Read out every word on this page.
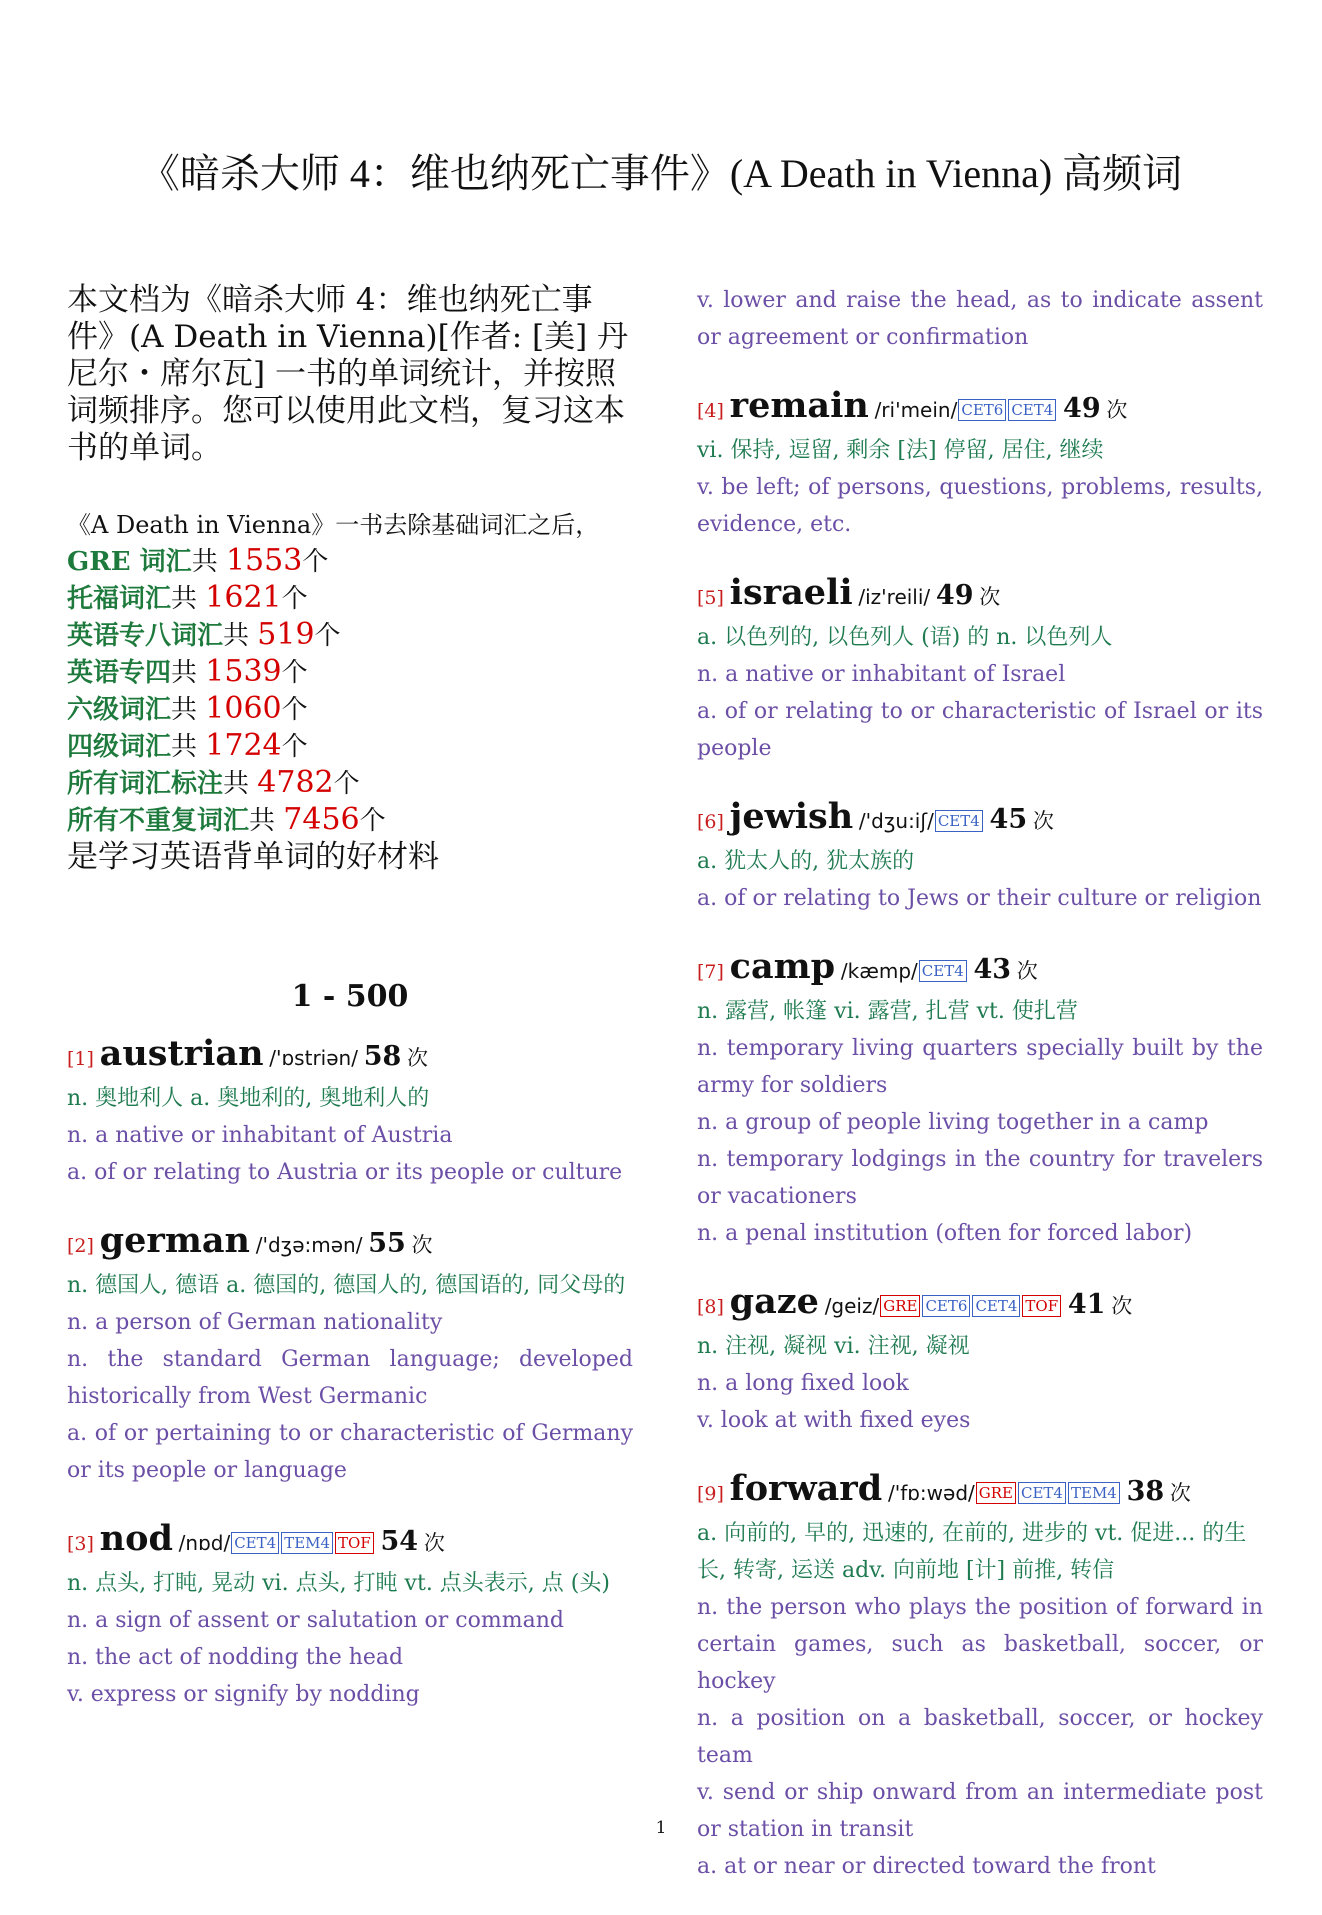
《暗杀大师 4：维也纳死亡事件》(A Death in Vienna) 高频词
本文档为《暗杀大师 4：维也纳死亡事件》(A Death in Vienna)[作者: [美] 丹尼尔・席尔瓦] 一书的单词统计，并按照词频排序。您可以使用此文档，复习这本书的单词。
《A Death in Vienna》一书去除基础词汇之后，
GRE 词汇共 1553个
托福词汇共 1621个
英语专八词汇共 519个
英语专四共 1539个
六级词汇共 1060个
四级词汇共 1724个
所有词汇标注共 4782个
所有不重复词汇共 7456个
是学习英语背单词的好材料
1 - 500
[1] austrian /'ɒstriən/ 58 次
n. 奥地利人 a. 奥地利的, 奥地利人的
n. a native or inhabitant of Austria
a. of or relating to Austria or its people or culture
[2] german /'dʒə:mən/ 55 次
n. 德国人, 德语 a. 德国的, 德国人的, 德国语的, 同父母的
n. a person of German nationality
n. the standard German language; developed historically from West Germanic
a. of or pertaining to or characteristic of Germany or its people or language
[3] nod /nɒd/ CET4 TEM4 TOF 54 次
n. 点头, 打盹, 晃动 vi. 点头, 打盹 vt. 点头表示, 点 (头)
n. a sign of assent or salutation or command
n. the act of nodding the head
v. express or signify by nodding
v. lower and raise the head, as to indicate assent or agreement or confirmation
[4] remain /ri'mein/ CET6 CET4 49 次
vi. 保持, 逗留, 剩余 [法] 停留, 居住, 继续
v. be left; of persons, questions, problems, results, evidence, etc.
[5] israeli /iz'reili/ 49 次
a. 以色列的, 以色列人 (语) 的 n. 以色列人
n. a native or inhabitant of Israel
a. of or relating to or characteristic of Israel or its people
[6] jewish /'dʒu:iʃ/ CET4 45 次
a. 犹太人的, 犹太族的
a. of or relating to Jews or their culture or religion
[7] camp /kæmp/ CET4 43 次
n. 露营, 帐篷 vi. 露营, 扎营 vt. 使扎营
n. temporary living quarters specially built by the army for soldiers
n. a group of people living together in a camp
n. temporary lodgings in the country for travelers or vacationers
n. a penal institution (often for forced labor)
[8] gaze /geiz/ GRE CET6 CET4 TOF 41 次
n. 注视, 凝视 vi. 注视, 凝视
n. a long fixed look
v. look at with fixed eyes
[9] forward /'fɒ:wəd/ GRE CET4 TEM4 38 次
a. 向前的, 早的, 迅速的, 在前的, 进步的 vt. 促进... 的生长, 转寄, 运送 adv. 向前地 [计] 前推, 转信
n. the person who plays the position of forward in certain games, such as basketball, soccer, or hockey
n. a position on a basketball, soccer, or hockey team
v. send or ship onward from an intermediate post or station in transit
a. at or near or directed toward the front
1
